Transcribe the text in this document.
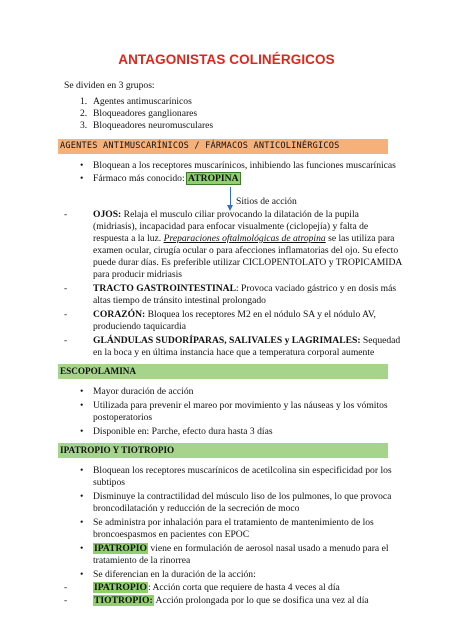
ANTAGONISTAS COLINÉRGICOS
Se dividen en 3 grupos:
1. Agentes antimuscarínicos
2. Bloqueadores ganglionares
3. Bloqueadores neuromusculares
AGENTES ANTIMUSCARÍNICOS / FÁRMACOS ANTICOLINÉRGICOS
• Bloquean a los receptores muscarínicos, inhibiendo las funciones muscarínicas
• Fármaco más conocido: ATROPINA
Sitios de acción
-	OJOS: Relaja el musculo ciliar provocando la dilatación de la pupila
(midriasis), incapacidad para enfocar visualmente (ciclopejía) y falta de
respuesta a la luz. Preparaciones oftalmológicas de atropina se las utiliza para
examen ocular, cirugía ocular o para afecciones inflamatorias del ojo. Su efecto
puede durar días. Es preferible utilizar CICLOPENTOLATO y TROPICAMIDA
para producir midriasis
-	TRACTO GASTROINTESTINAL: Provoca vaciado gástrico y en dosis más
altas tiempo de tránsito intestinal prolongado
-	CORAZÓN: Bloquea los receptores M2 en el nódulo SA y el nódulo AV,
produciendo taquicardia
-	GLÁNDULAS SUDORÍPARAS, SALIVALES y LAGRIMALES: Sequedad
en la boca y en última instancia hace que a temperatura corporal aumente
ESCOPOLAMINA
• Mayor duración de acción
• Utilizada para prevenir el mareo por movimiento y las náuseas y los vómitos
postoperatorios
• Disponible en: Parche, efecto dura hasta 3 días
IPATROPIO Y TIOTROPIO
• Bloquean los receptores muscarínicos de acetilcolina sin especificidad por los
subtipos
• Disminuye la contractilidad del músculo liso de los pulmones, lo que provoca
broncodilatación y reducción de la secreción de moco
• Se administra por inhalación para el tratamiento de mantenimiento de los
broncoespasmos en pacientes con EPOC
• IPATROPIO viene en formulación de aerosol nasal usado a menudo para el
tratamiento de la rinorrea
• Se diferencian en la duración de la acción:
-	IPATROPIO: Acción corta que requiere de hasta 4 veces al día
-	TIOTROPIO: Acción prolongada por lo que se dosifica una vez al día
